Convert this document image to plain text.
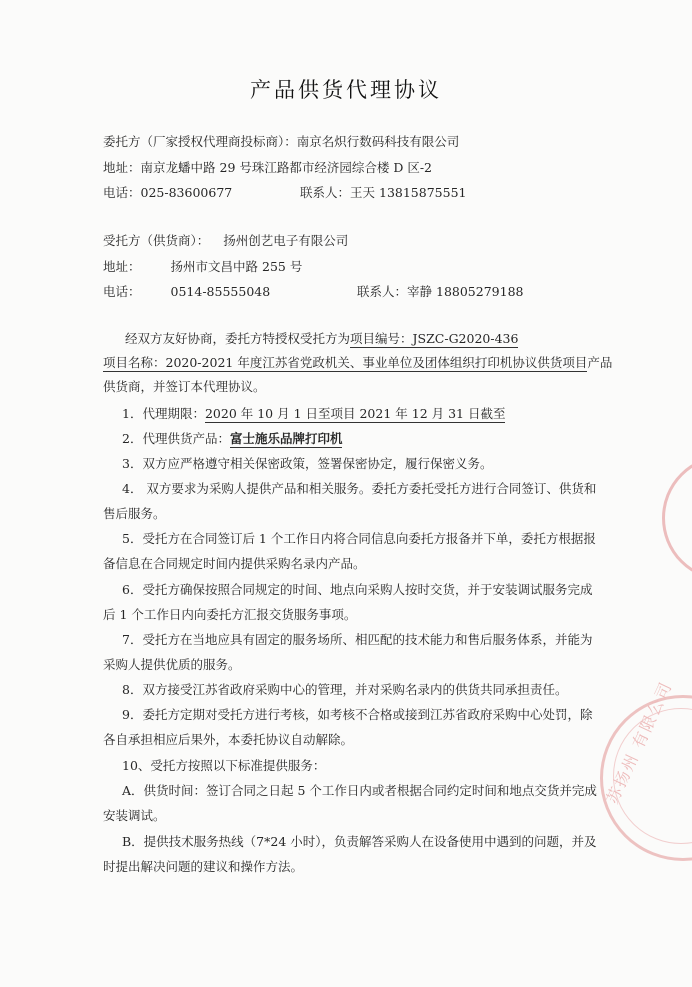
产品供货代理协议
委托方（厂家授权代理商投标商）：南京名炽行数码科技有限公司
地址：南京龙蟠中路 29 号珠江路都市经济园综合楼 D 区-2
电话：025-83600677	联系人：王天 13815875551
受托方（供货商）： 扬州创艺电子有限公司
地址： 扬州市文昌中路 255 号
电话： 0514-85555048	联系人：宰静 18805279188
经双方友好协商，委托方特授权受托方为项目编号：JSZC-G2020-436
项目名称：2020-2021 年度江苏省党政机关、事业单位及团体组织打印机协议供货项目产品
供货商，并签订本代理协议。
1．代理期限：2020 年 10 月 1 日至项目 2021 年 12 月 31 日截至
2．代理供货产品：富士施乐品牌打印机
3．双方应严格遵守相关保密政策，签署保密协定，履行保密义务。
4． 双方要求为采购人提供产品和相关服务。委托方委托受托方进行合同签订、供货和
售后服务。
5．受托方在合同签订后 1 个工作日内将合同信息向委托方报备并下单，委托方根据报
备信息在合同规定时间内提供采购名录内产品。
6．受托方确保按照合同规定的时间、地点向采购人按时交货，并于安装调试服务完成
后 1 个工作日内向委托方汇报交货服务事项。
7．受托方在当地应具有固定的服务场所、相匹配的技术能力和售后服务体系，并能为
采购人提供优质的服务。
8．双方接受江苏省政府采购中心的管理，并对采购名录内的供货共同承担责任。
9．委托方定期对受托方进行考核，如考核不合格或接到江苏省政府采购中心处罚，除
各自承担相应后果外，本委托协议自动解除。
10、受托方按照以下标准提供服务：
A．供货时间：签订合同之日起 5 个工作日内或者根据合同约定时间和地点交货并完成
安装调试。
B．提供技术服务热线（7*24 小时），负责解答采购人在设备使用中遇到的问题，并及
时提出解决问题的建议和操作方法。
苏扬州 有限公司
